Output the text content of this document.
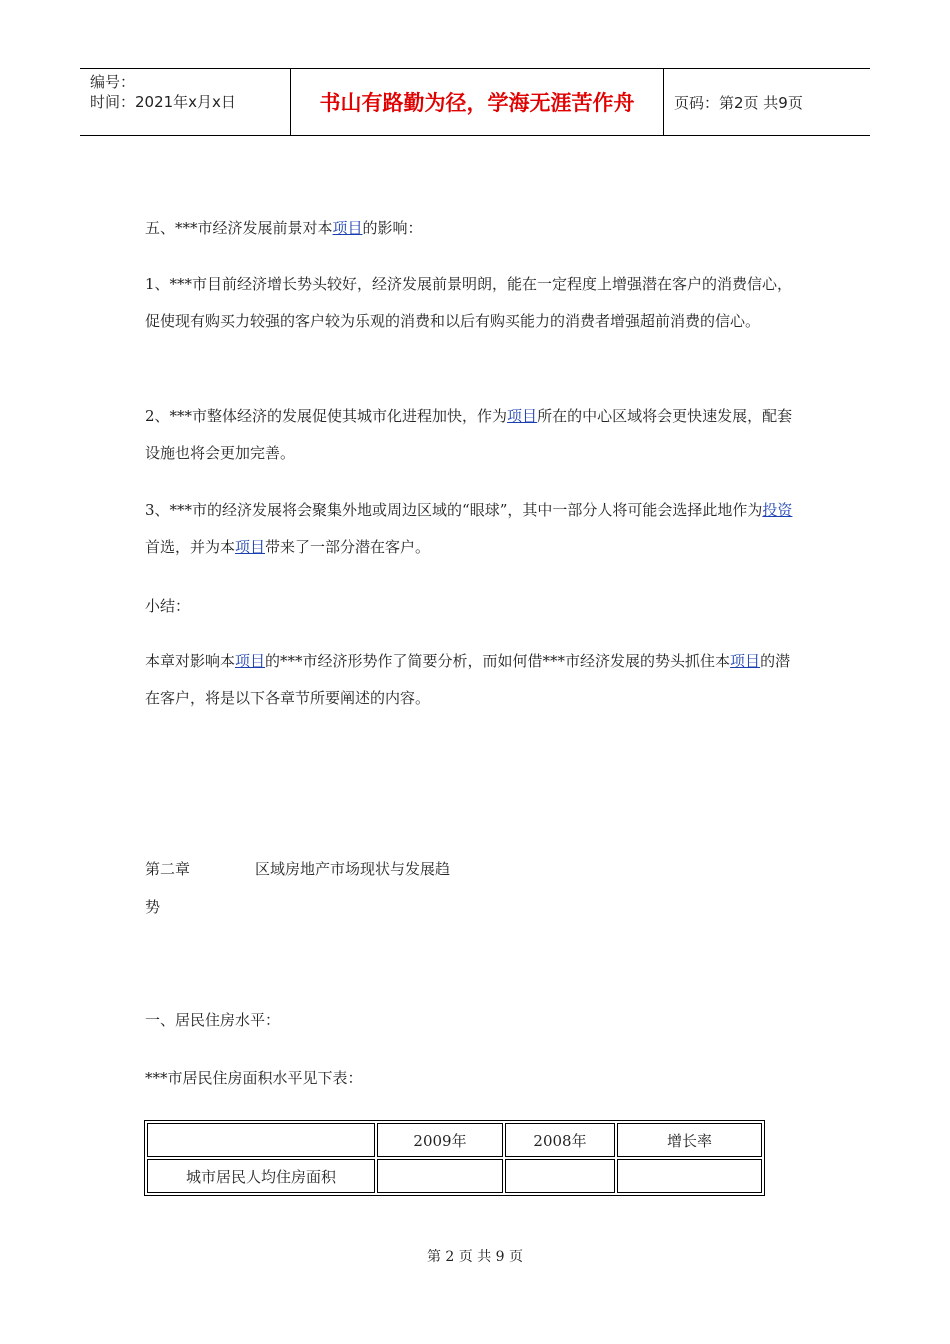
编号：
时间：2021年x月x日	书山有路勤为径，学海无涯苦作舟	页码：第2页 共9页

五、***市经济发展前景对本项目的影响：

1、***市目前经济增长势头较好，经济发展前景明朗，能在一定程度上增强潜在客户的消费信心，促使现有购买力较强的客户较为乐观的消费和以后有购买能力的消费者增强超前消费的信心。

2、***市整体经济的发展促使其城市化进程加快，作为项目所在的中心区域将会更快速发展，配套设施也将会更加完善。

3、***市的经济发展将会聚集外地或周边区域的“眼球”，其中一部分人将可能会选择此地作为投资首选，并为本项目带来了一部分潜在客户。

小结：

本章对影响本项目的***市经济形势作了简要分析，而如何借***市经济发展的势头抓住本项目的潜在客户，将是以下各章节所要阐述的内容。

第二章	区域房地产市场现状与发展趋

势

一、居民住房水平：

***市居民住房面积水平见下表：

	2009年	2008年	增长率
城市居民人均住房面积			
第 2 页 共 9 页
